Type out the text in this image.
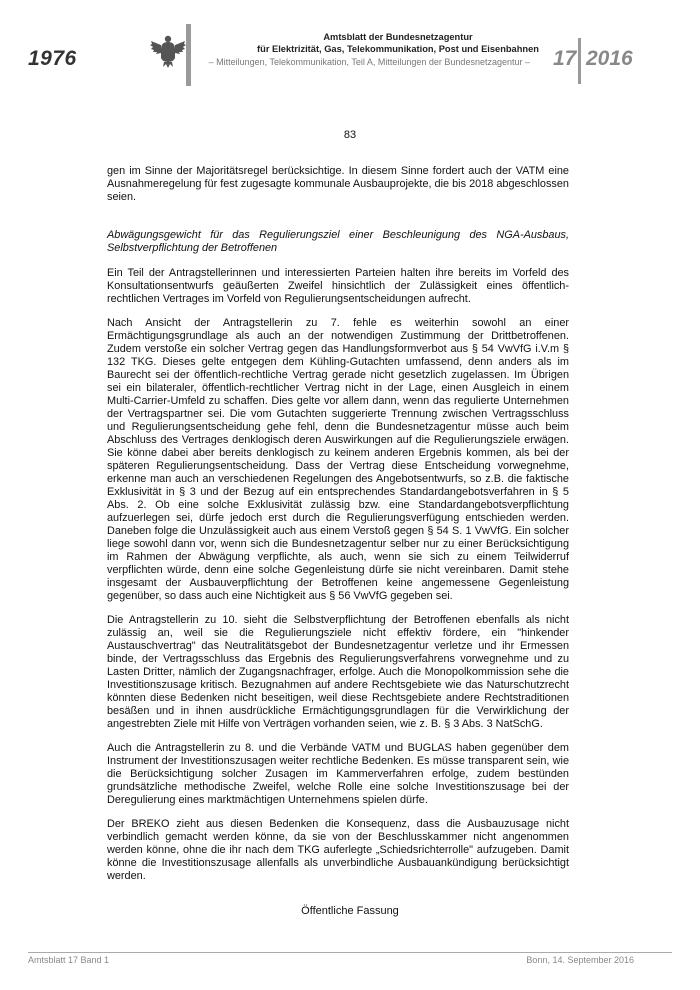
1976
Amtsblatt der Bundesnetzagentur
für Elektrizität, Gas, Telekommunikation, Post und Eisenbahnen
– Mitteilungen, Telekommunikation, Teil A, Mitteilungen der Bundesnetzagentur – 17 2016
83

gen im Sinne der Majoritätsregel berücksichtige. In diesem Sinne fordert auch der VATM eine Ausnahmeregelung für fest zugesagte kommunale Ausbauprojekte, die bis 2018 abgeschlossen seien.

Abwägungsgewicht für das Regulierungsziel einer Beschleunigung des NGA-Ausbaus, Selbstverpflichtung der Betroffenen

Ein Teil der Antragstellerinnen und interessierten Parteien halten ihre bereits im Vorfeld des Konsultationsentwurfs geäußerten Zweifel hinsichtlich der Zulässigkeit eines öffentlich-rechtlichen Vertrages im Vorfeld von Regulierungsentscheidungen aufrecht.

Nach Ansicht der Antragstellerin zu 7. fehle es weiterhin sowohl an einer Ermächtigungsgrundlage als auch an der notwendigen Zustimmung der Drittbetroffenen. Zudem verstoße ein solcher Vertrag gegen das Handlungsformverbot aus § 54 VwVfG i.V.m § 132 TKG. Dieses gelte entgegen dem Kühling-Gutachten umfassend, denn anders als im Baurecht sei der öffentlich-rechtliche Vertrag gerade nicht gesetzlich zugelassen. Im Übrigen sei ein bilateraler, öffentlich-rechtlicher Vertrag nicht in der Lage, einen Ausgleich in einem Multi-Carrier-Umfeld zu schaffen. Dies gelte vor allem dann, wenn das regulierte Unternehmen der Vertragspartner sei. Die vom Gutachten suggerierte Trennung zwischen Vertragsschluss und Regulierungsentscheidung gehe fehl, denn die Bundesnetzagentur müsse auch beim Abschluss des Vertrages denklogisch deren Auswirkungen auf die Regulierungsziele erwägen. Sie könne dabei aber bereits denklogisch zu keinem anderen Ergebnis kommen, als bei der späteren Regulierungsentscheidung. Dass der Vertrag diese Entscheidung vorwegnehme, erkenne man auch an verschiedenen Regelungen des Angebotsentwurfs, so z.B. die faktische Exklusivität in § 3 und der Bezug auf ein entsprechendes Standardangebotsverfahren in § 5 Abs. 2. Ob eine solche Exklusivität zulässig bzw. eine Standardangebotsverpflichtung aufzuerlegen sei, dürfe jedoch erst durch die Regulierungsverfügung entschieden werden. Daneben folge die Unzulässigkeit auch aus einem Verstoß gegen § 54 S. 1 VwVfG. Ein solcher liege sowohl dann vor, wenn sich die Bundesnetzagentur selber nur zu einer Berücksichtigung im Rahmen der Abwägung verpflichte, als auch, wenn sie sich zu einem Teilwiderruf verpflichten würde, denn eine solche Gegenleistung dürfe sie nicht vereinbaren. Damit stehe insgesamt der Ausbauverpflichtung der Betroffenen keine angemessene Gegenleistung gegenüber, so dass auch eine Nichtigkeit aus § 56 VwVfG gegeben sei.

Die Antragstellerin zu 10. sieht die Selbstverpflichtung der Betroffenen ebenfalls als nicht zulässig an, weil sie die Regulierungsziele nicht effektiv fördere, ein "hinkender Austauschvertrag" das Neutralitätsgebot der Bundesnetzagentur verletze und ihr Ermessen binde, der Vertragsschluss das Ergebnis des Regulierungsverfahrens vorwegnehme und zu Lasten Dritter, nämlich der Zugangsnachfrager, erfolge. Auch die Monopolkommission sehe die Investitionszusage kritisch. Bezugnahmen auf andere Rechtsgebiete wie das Naturschutzrecht könnten diese Bedenken nicht beseitigen, weil diese Rechtsgebiete andere Rechtstraditionen besäßen und in ihnen ausdrückliche Ermächtigungsgrundlagen für die Verwirklichung der angestrebten Ziele mit Hilfe von Verträgen vorhanden seien, wie z. B. § 3 Abs. 3 NatSchG.

Auch die Antragstellerin zu 8. und die Verbände VATM und BUGLAS haben gegenüber dem Instrument der Investitionszusagen weiter rechtliche Bedenken. Es müsse transparent sein, wie die Berücksichtigung solcher Zusagen im Kammerverfahren erfolge, zudem bestünden grundsätzliche methodische Zweifel, welche Rolle eine solche Investitionszusage bei der Deregulierung eines marktmächtigen Unternehmens spielen dürfe.

Der BREKO zieht aus diesen Bedenken die Konsequenz, dass die Ausbauzusage nicht verbindlich gemacht werden könne, da sie von der Beschlusskammer nicht angenommen werden könne, ohne die ihr nach dem TKG auferlegte „Schiedsrichterrolle" aufzugeben. Damit könne die Investitionszusage allenfalls als unverbindliche Ausbauankündigung berücksichtigt werden.

Öffentliche Fassung
Amtsblatt 17 Band 1	Bonn, 14. September 2016
